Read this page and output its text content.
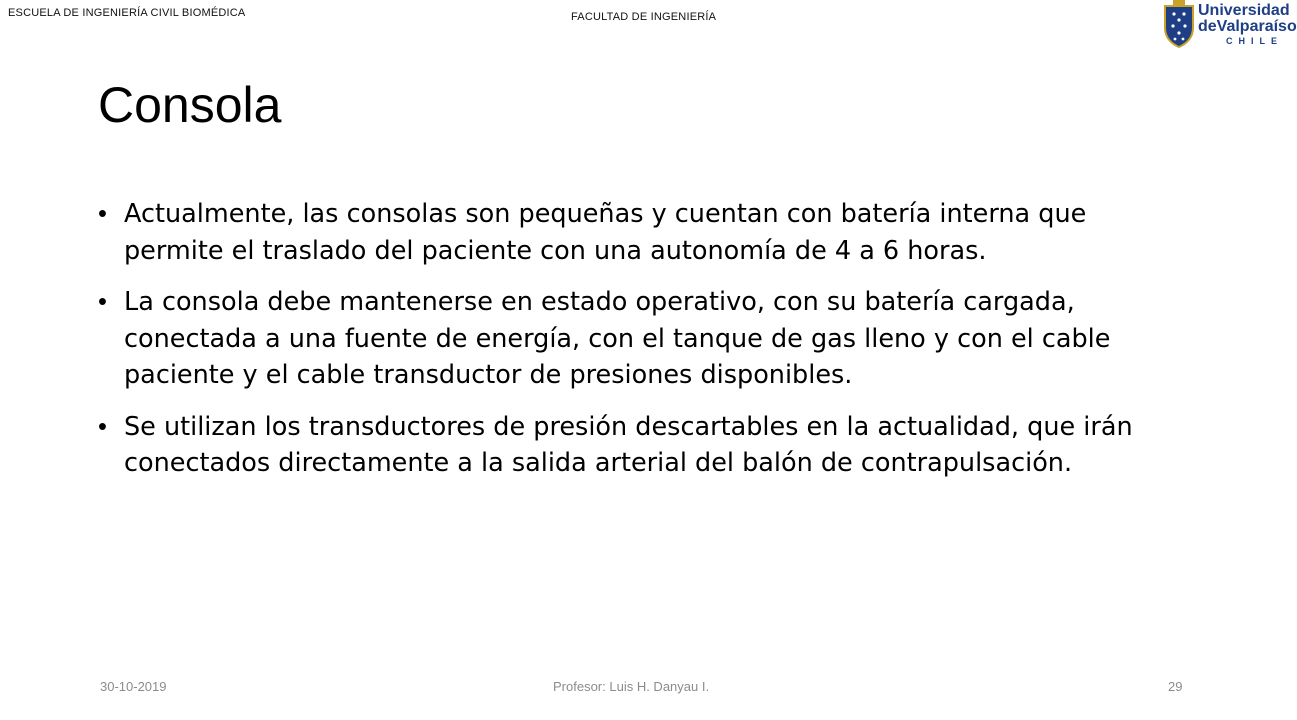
ESCUELA DE INGENIERÍA CIVIL BIOMÉDICA	FACULTAD DE INGENIERÍA	Universidad
deValparaíso
CHILE
Consola
• Actualmente, las consolas son pequeñas y cuentan con batería interna que permite el traslado del paciente con una autonomía de 4 a 6 horas.
• La consola debe mantenerse en estado operativo, con su batería cargada, conectada a una fuente de energía, con el tanque de gas lleno y con el cable paciente y el cable transductor de presiones disponibles.
• Se utilizan los transductores de presión descartables en la actualidad, que irán conectados directamente a la salida arterial del balón de contrapulsación.
30-10-2019	Profesor: Luis H. Danyau I.	29
